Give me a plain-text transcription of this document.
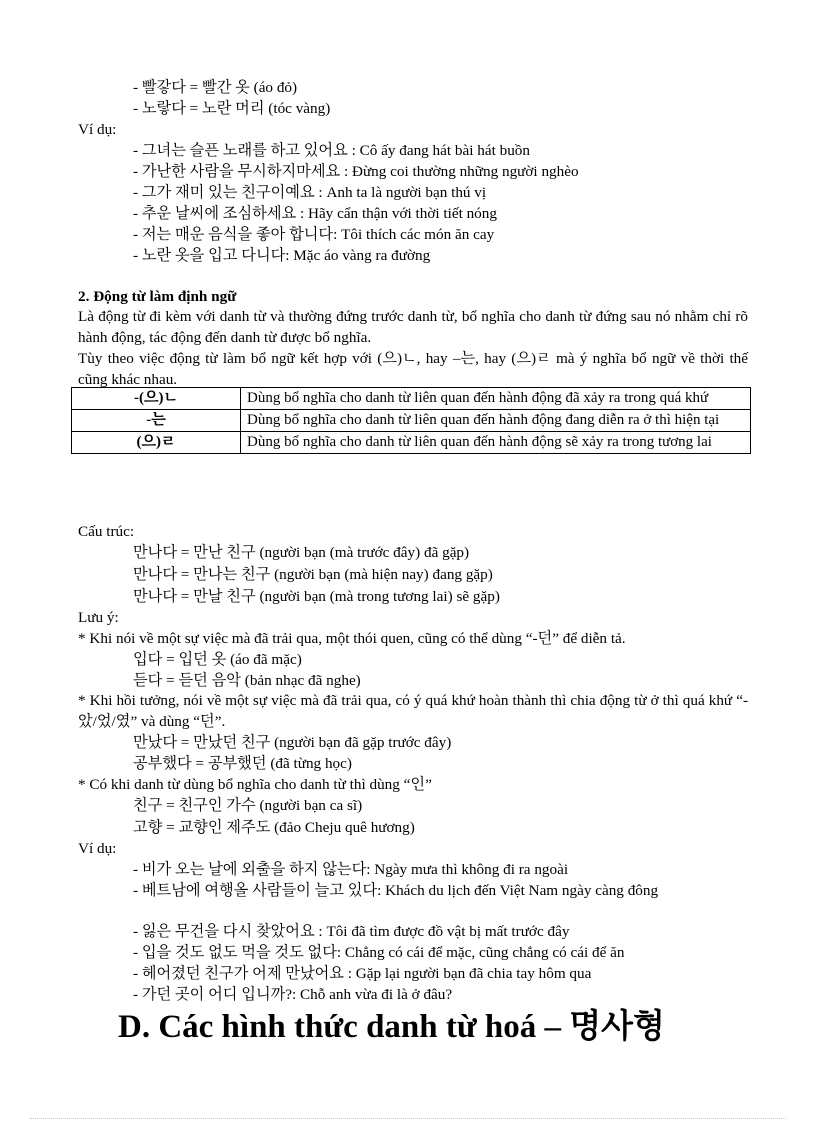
- 빨갛다 = 빨간 옷 (áo đỏ)
- 노랗다 = 노란 머리 (tóc vàng)
Ví dụ:
- 그녀는 슬픈 노래를 하고 있어요 : Cô ấy đang hát bài hát buồn
- 가난한 사람을 무시하지마세요 : Đừng coi thường những người nghèo
- 그가 재미 있는 친구이예요 : Anh ta là người bạn thú vị
- 추운 날씨에 조심하세요 : Hãy cẩn thận với thời tiết nóng
- 저는 매운 음식을 좋아 합니다: Tôi thích các món ăn cay
- 노란 옷을 입고 다니다: Mặc áo vàng ra đường
2. Động từ làm định ngữ
Là động từ đi kèm với danh từ và thường đứng trước danh từ, bổ nghĩa cho danh từ đứng sau nó nhằm chỉ rõ hành động, tác động đến danh từ được bổ nghĩa.
Tùy theo việc động từ làm bổ ngữ kết hợp với (으)ㄴ, hay –는, hay (으)ㄹ mà ý nghĩa bổ ngữ về thời thế cũng khác nhau.
-(으)ㄴ	Dùng bổ nghĩa cho danh từ liên quan đến hành động đã xảy ra trong quá khứ
-는	Dùng bổ nghĩa cho danh từ liên quan đến hành động đang diễn ra ở thì hiện tại
(으)ㄹ	Dùng bổ nghĩa cho danh từ liên quan đến hành động sẽ xảy ra trong tương lai
Cấu trúc:
만나다 = 만난 친구 (người bạn (mà trước đây) đã gặp)
만나다 = 만나는 친구 (người bạn (mà hiện nay) đang gặp)
만나다 = 만날 친구 (người bạn (mà trong tương lai) sẽ gặp)
Lưu ý:
* Khi nói về một sự việc mà đã trải qua, một thói quen, cũng có thể dùng “-던” để diễn tả.
입다 = 입던 옷 (áo đã mặc)
듣다 = 듣던 음악 (bản nhạc đã nghe)
* Khi hồi tưởng, nói về một sự việc mà đã trải qua, có ý quá khứ hoàn thành thì chia động từ ở thì quá khứ “-았/었/였” và dùng “던”.
만났다 = 만났던 친구 (người bạn đã gặp trước đây)
공부했다 = 공부했던 (đã từng học)
* Có khi danh từ dùng bổ nghĩa cho danh từ thì dùng “인”
친구 = 친구인 가수 (người bạn ca sĩ)
고향 = 교향인 제주도 (đảo Cheju quê hương)
Ví dụ:
- 비가 오는 날에 외출을 하지 않는다: Ngày mưa thì không đi ra ngoài
- 베트남에 여행올 사람들이 늘고 있다: Khách du lịch đến Việt Nam ngày càng đông
- 잃은 무건을 다시 찾았어요 : Tôi đã tìm được đồ vật bị mất trước đây
- 입을 것도 없도 먹을 것도 없다: Chẳng có cái để mặc, cũng chẳng có cái để ăn
- 헤어졌던 친구가 어제 만났어요 : Gặp lại người bạn đã chia tay hôm qua
- 가던 곳이 어디 입니까?: Chỗ anh vừa đi là ở đâu?
D. Các hình thức danh từ hoá – 명사형
